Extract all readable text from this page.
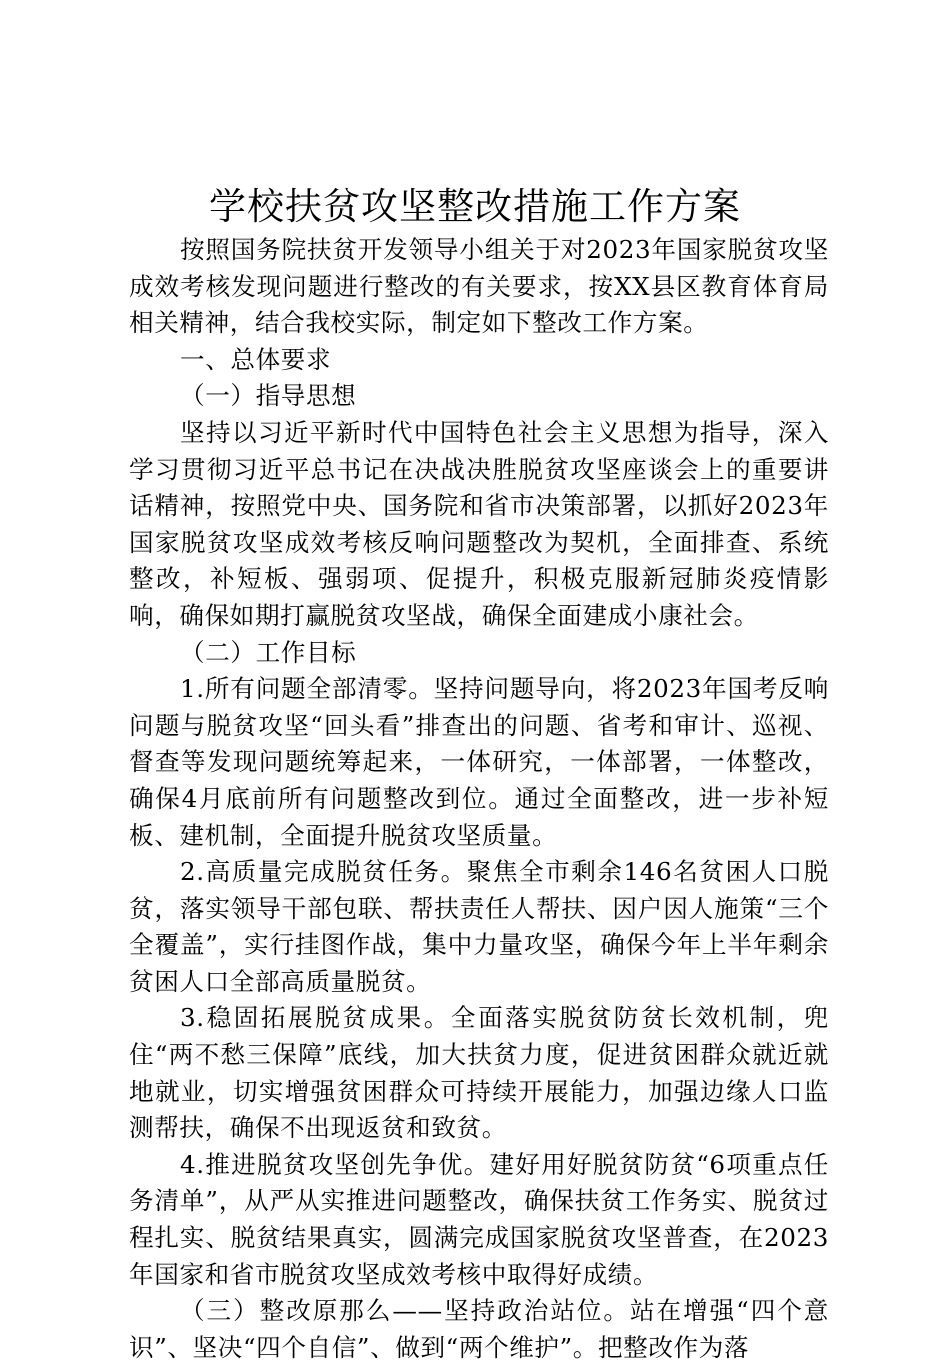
学校扶贫攻坚整改措施工作方案

按照国务院扶贫开发领导小组关于对2023年国家脱贫攻坚成效考核发现问题进行整改的有关要求，按XX县区教育体育局相关精神，结合我校实际，制定如下整改工作方案。

一、总体要求

（一）指导思想

坚持以习近平新时代中国特色社会主义思想为指导，深入学习贯彻习近平总书记在决战决胜脱贫攻坚座谈会上的重要讲话精神，按照党中央、国务院和省市决策部署，以抓好2023年国家脱贫攻坚成效考核反响问题整改为契机，全面排查、系统整改，补短板、强弱项、促提升，积极克服新冠肺炎疫情影响，确保如期打赢脱贫攻坚战，确保全面建成小康社会。

（二）工作目标

1.所有问题全部清零。坚持问题导向，将2023年国考反响问题与脱贫攻坚“回头看”排查出的问题、省考和审计、巡视、督查等发现问题统筹起来，一体研究，一体部署，一体整改，确保4月底前所有问题整改到位。通过全面整改，进一步补短板、建机制，全面提升脱贫攻坚质量。

2.高质量完成脱贫任务。聚焦全市剩余146名贫困人口脱贫，落实领导干部包联、帮扶责任人帮扶、因户因人施策“三个全覆盖”，实行挂图作战，集中力量攻坚，确保今年上半年剩余贫困人口全部高质量脱贫。

3.稳固拓展脱贫成果。全面落实脱贫防贫长效机制，兜住“两不愁三保障”底线，加大扶贫力度，促进贫困群众就近就地就业，切实增强贫困群众可持续开展能力，加强边缘人口监测帮扶，确保不出现返贫和致贫。

4.推进脱贫攻坚创先争优。建好用好脱贫防贫“6项重点任务清单”，从严从实推进问题整改，确保扶贫工作务实、脱贫过程扎实、脱贫结果真实，圆满完成国家脱贫攻坚普查，在2023年国家和省市脱贫攻坚成效考核中取得好成绩。

（三）整改原那么——坚持政治站位。站在增强“四个意识”、坚决“四个自信”、做到“两个维护”。把整改作为落
